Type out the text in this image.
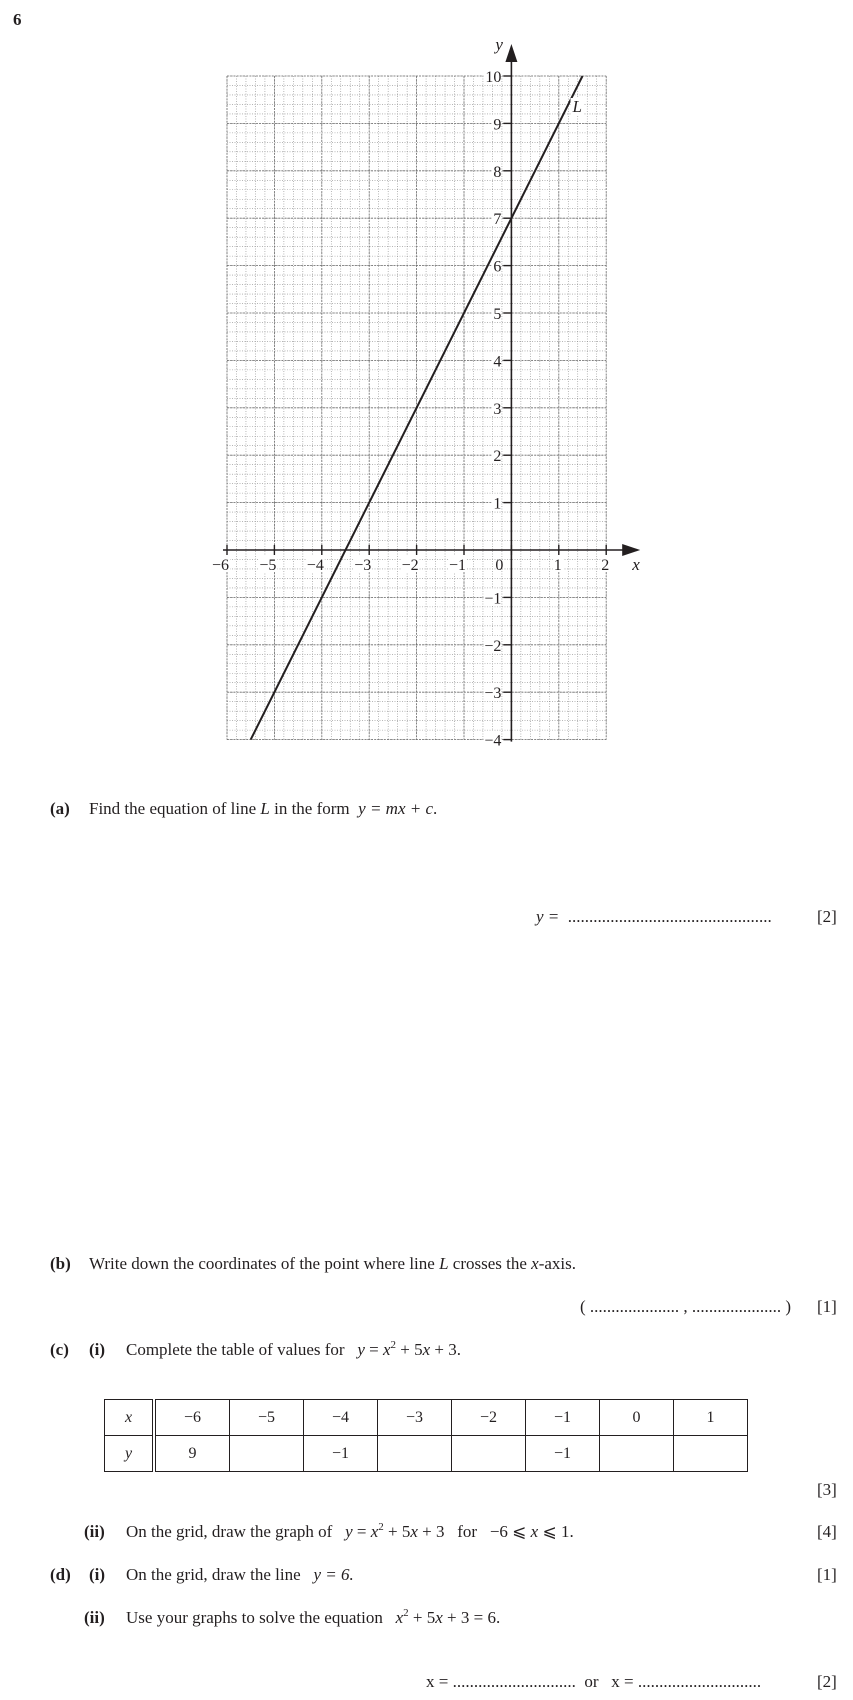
6
x
y
−6 −5 −4 −3 −2 −1 0	1 2
−4
−3
−2
−1
1
2
3
4
5
6
7
8
9
10
L
(a) Find the equation of line L in the form y = mx + c.
y = ................................................	[2]
(b) Write down the coordinates of the point where line L crosses the x-axis.
( ..................... , ..................... ) [1]
(c) (i) Complete the table of values for $y = x^2 + 5x + 3$.
x	−6	−5	−4	−3	−2	−1	0	1
y	9		−1			−1		
[3]
(ii) On the grid, draw the graph of $y = x^2 + 5x + 3$   for   −6 ⩽ x ⩽ 1.	[4]
(d) (i) On the grid, draw the line y = 6.	[1]
(ii) Use your graphs to solve the equation $x^2 + 5x + 3 = 6$.
x = ............................. or x = .............................	[2]
